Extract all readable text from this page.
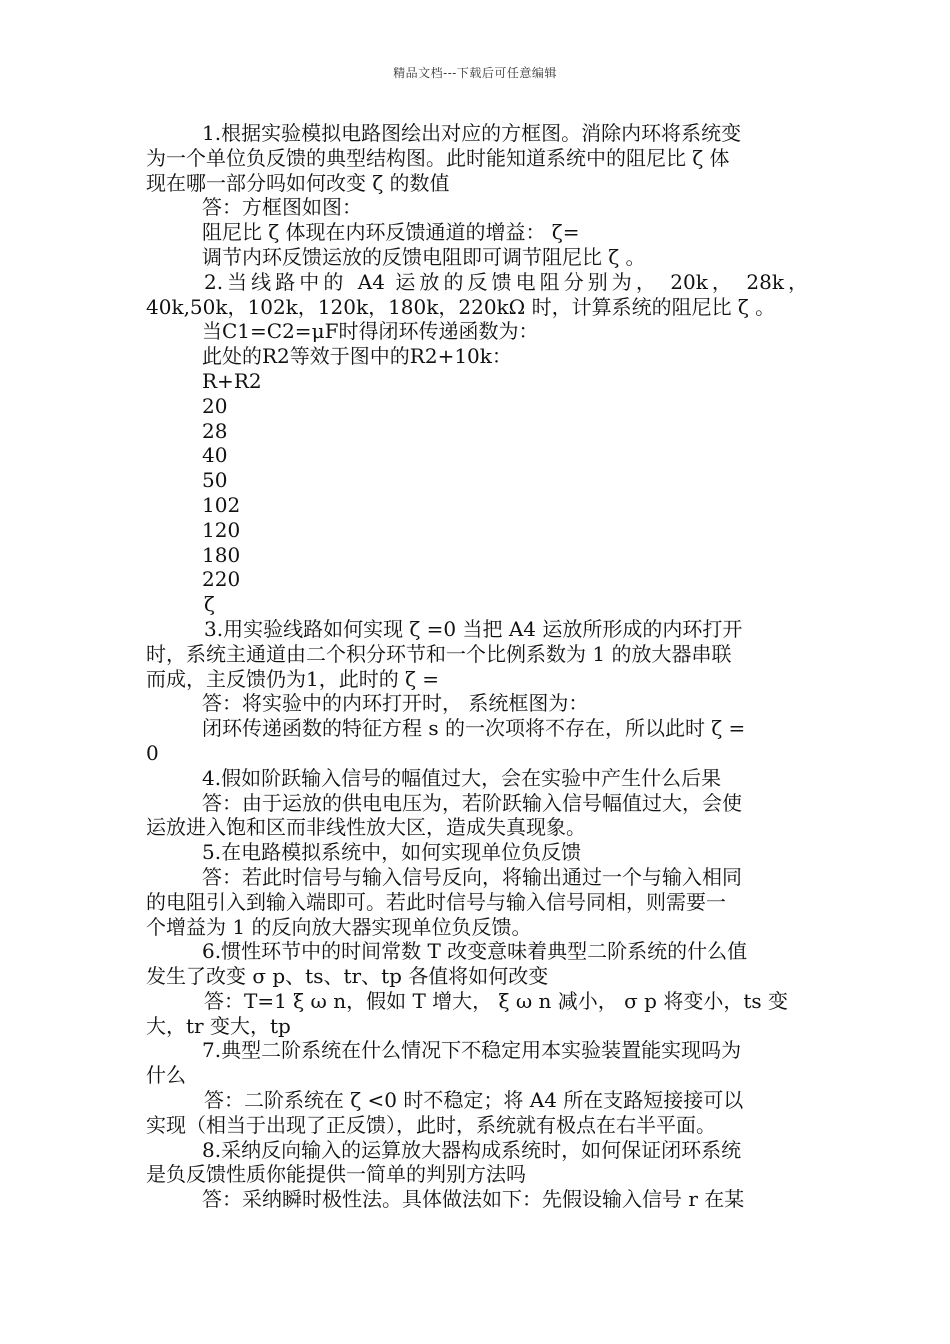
精品文档---下载后可任意编辑
1.根据实验模拟电路图绘出对应的方框图。消除内环将系统变
为一个单位负反馈的典型结构图。此时能知道系统中的阻尼比 ζ 体
现在哪一部分吗如何改变 ζ 的数值
答：方框图如图：
阻尼比 ζ 体现在内环反馈通道的增益： ζ=
调节内环反馈运放的反馈电阻即可调节阻尼比 ζ 。
2.当线路中的 A4 运放的反馈电阻分别为， 20k， 28k，
40k,50k，102k，120k，180k，220kΩ 时，计算系统的阻尼比 ζ 。
当C1=C2=μF时得闭环传递函数为：
此处的R2等效于图中的R2+10k：
R+R2
20
28
40
50
102
120
180
220
ζ
3.用实验线路如何实现 ζ =0 当把 A4 运放所形成的内环打开
时，系统主通道由二个积分环节和一个比例系数为 1 的放大器串联
而成，主反馈仍为1，此时的 ζ =
答：将实验中的内环打开时， 系统框图为：
闭环传递函数的特征方程 s 的一次项将不存在，所以此时 ζ =
0
4.假如阶跃输入信号的幅值过大，会在实验中产生什么后果
答：由于运放的供电电压为，若阶跃输入信号幅值过大，会使
运放进入饱和区而非线性放大区，造成失真现象。
5.在电路模拟系统中，如何实现单位负反馈
答：若此时信号与输入信号反向，将输出通过一个与输入相同
的电阻引入到输入端即可。若此时信号与输入信号同相，则需要一
个增益为 1 的反向放大器实现单位负反馈。
6.惯性环节中的时间常数 T 改变意味着典型二阶系统的什么值
发生了改变 σ p、ts、tr、tp 各值将如何改变
答：T=1 ξ ω n，假如 T 增大， ξ ω n 减小， σ p 将变小，ts 变
大，tr 变大，tp
7.典型二阶系统在什么情况下不稳定用本实验装置能实现吗为
什么
答：二阶系统在 ζ <0 时不稳定；将 A4 所在支路短接接可以
实现（相当于出现了正反馈），此时，系统就有极点在右半平面。
8.采纳反向输入的运算放大器构成系统时，如何保证闭环系统
是负反馈性质你能提供一简单的判别方法吗
答：采纳瞬时极性法。具体做法如下：先假设输入信号 r 在某
